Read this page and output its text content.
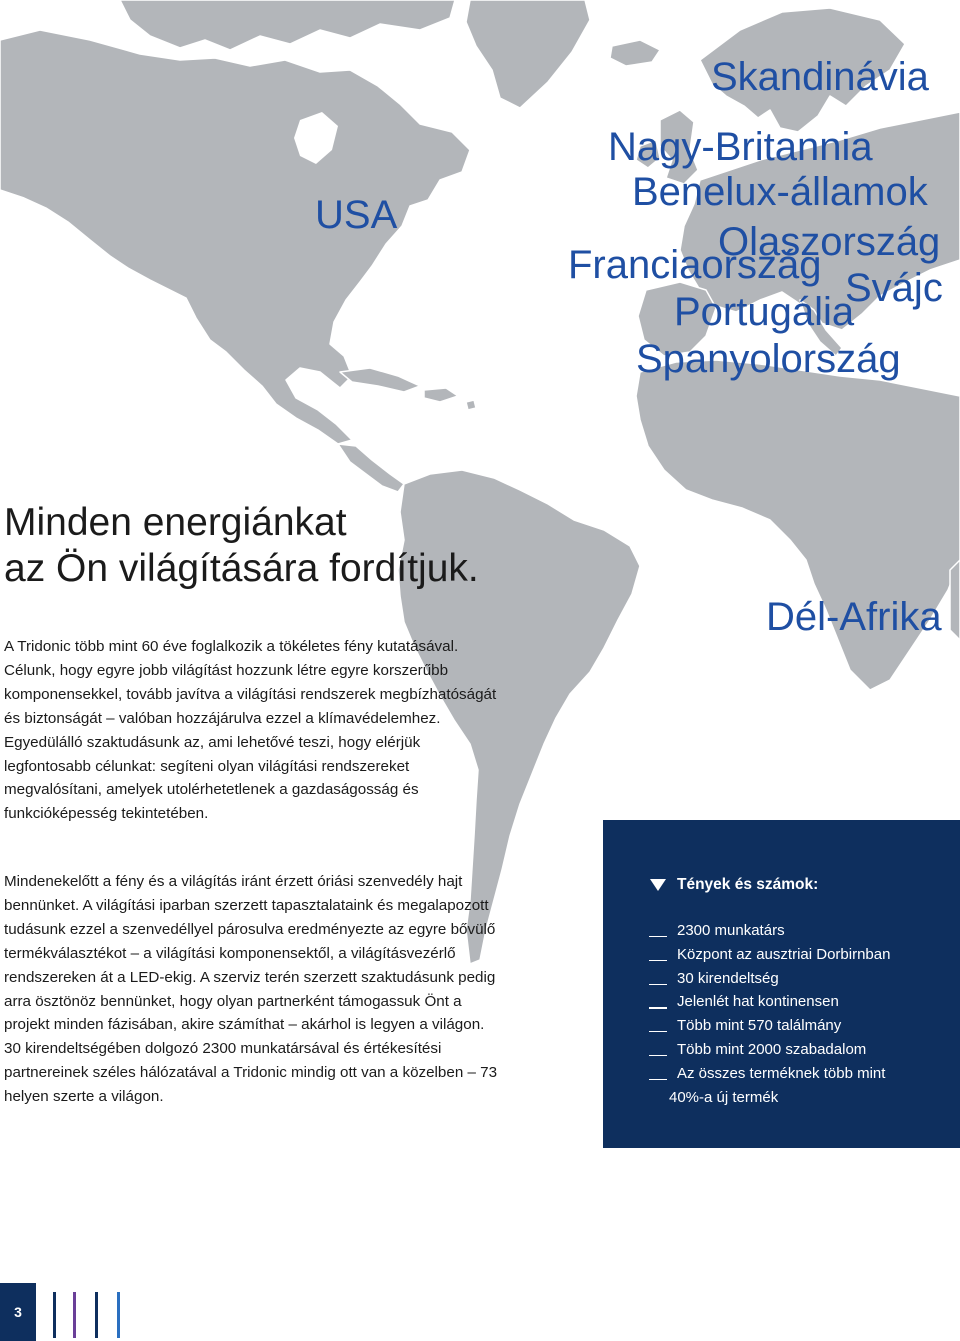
Skandinávia
USA
Nagy-Britannia
Benelux-államok
Olaszország
Franciaország
Svájc
Portugália
Spanyolország
Dél-Afrika
Minden energiánkat
az Ön világítására fordítjuk.

A Tridonic több mint 60 éve foglalkozik a tökéletes fény kutatásával. Célunk, hogy egyre jobb világítást hozzunk létre egyre korszerűbb komponensekkel, tovább javítva a világítási rendszerek megbízhatóságát és biztonságát – valóban hozzájárulva ezzel a klímavédelemhez. Egyedülálló szaktudásunk az, ami lehetővé teszi, hogy elérjük legfontosabb célunkat: segíteni olyan világítási rendszereket megvalósítani, amelyek utolérhetetlenek a gazdaságosság és funkcióképesség tekintetében.

Mindenekelőtt a fény és a világítás iránt érzett óriási szenvedély hajt bennünket. A világítási iparban szerzett tapasztalataink és megalapozott tudásunk ezzel a szenvedéllyel párosulva eredményezte az egyre bővülő termékválasztékot – a világítási komponensektől, a világításvezérlő rendszereken át a LED-ekig. A szerviz terén szerzett szaktudásunk pedig arra ösztönöz bennünket, hogy olyan partnerként támogassuk Önt a projekt minden fázisában, akire számíthat – akárhol is legyen a világon. 30 kirendeltségében dolgozó 2300 munkatársával és értékesítési partnereinek széles hálózatával a Tridonic mindig ott van a közelben – 73 helyen szerte a világon.

Tények és számok:
2300 munkatárs
Központ az ausztriai Dorbirnban
30 kirendeltség
Jelenlét hat kontinensen
Több mint 570 találmány
Több mint 2000 szabadalom
Az összes terméknek több mint
40%-a új termék
3
